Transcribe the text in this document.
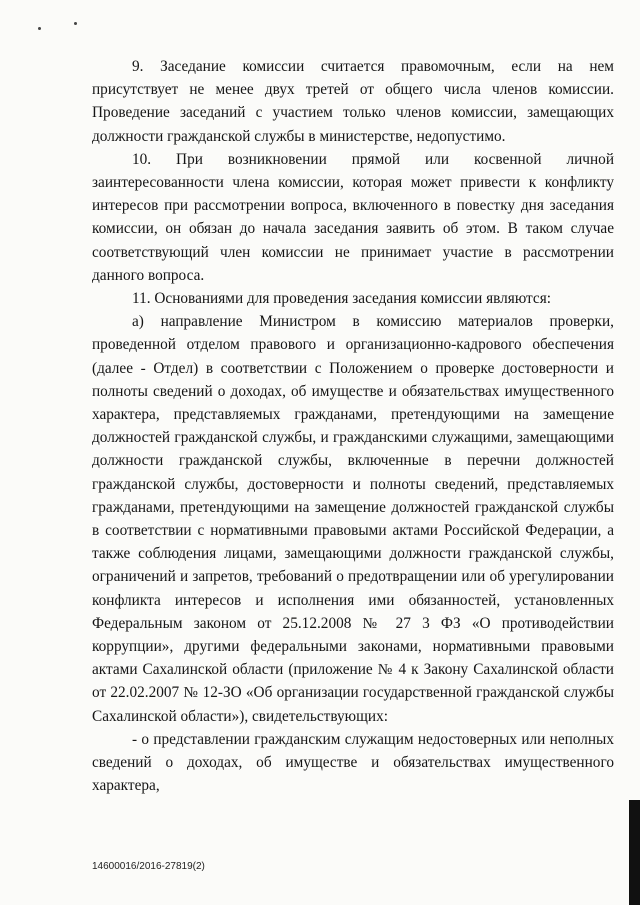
9. Заседание комиссии считается правомочным, если на нем присутствует не менее двух третей от общего числа членов комиссии. Проведение заседаний с участием только членов комиссии, замещающих должности гражданской службы в министерстве, недопустимо.

10. При возникновении прямой или косвенной личной заинтересованности члена комиссии, которая может привести к конфликту интересов при рассмотрении вопроса, включенного в повестку дня заседания комиссии, он обязан до начала заседания заявить об этом. В таком случае соответствующий член комиссии не принимает участие в рассмотрении данного вопроса.

11. Основаниями для проведения заседания комиссии являются:

а) направление Министром в комиссию материалов проверки, проведенной отделом правового и организационно-кадрового обеспечения (далее - Отдел) в соответствии с Положением о проверке достоверности и полноты сведений о доходах, об имуществе и обязательствах имущественного характера, представляемых гражданами, претендующими на замещение должностей гражданской службы, и гражданскими служащими, замещающими должности гражданской службы, включенные в перечни должностей гражданской службы, достоверности и полноты сведений, представляемых гражданами, претендующими на замещение должностей гражданской службы в соответствии с нормативными правовыми актами Российской Федерации, а также соблюдения лицами, замещающими должности гражданской службы, ограничений и запретов, требований о предотвращении или об урегулировании конфликта интересов и исполнения ими обязанностей, установленных Федеральным законом от 25.12.2008 № 27 3 ФЗ «О противодействии коррупции», другими федеральными законами, нормативными правовыми актами Сахалинской области (приложение № 4 к Закону Сахалинской области от 22.02.2007 № 12-ЗО «Об организации государственной гражданской службы Сахалинской области»), свидетельствующих:

- о представлении гражданским служащим недостоверных или неполных сведений о доходах, об имуществе и обязательствах имущественного характера,

14600016/2016-27819(2)
